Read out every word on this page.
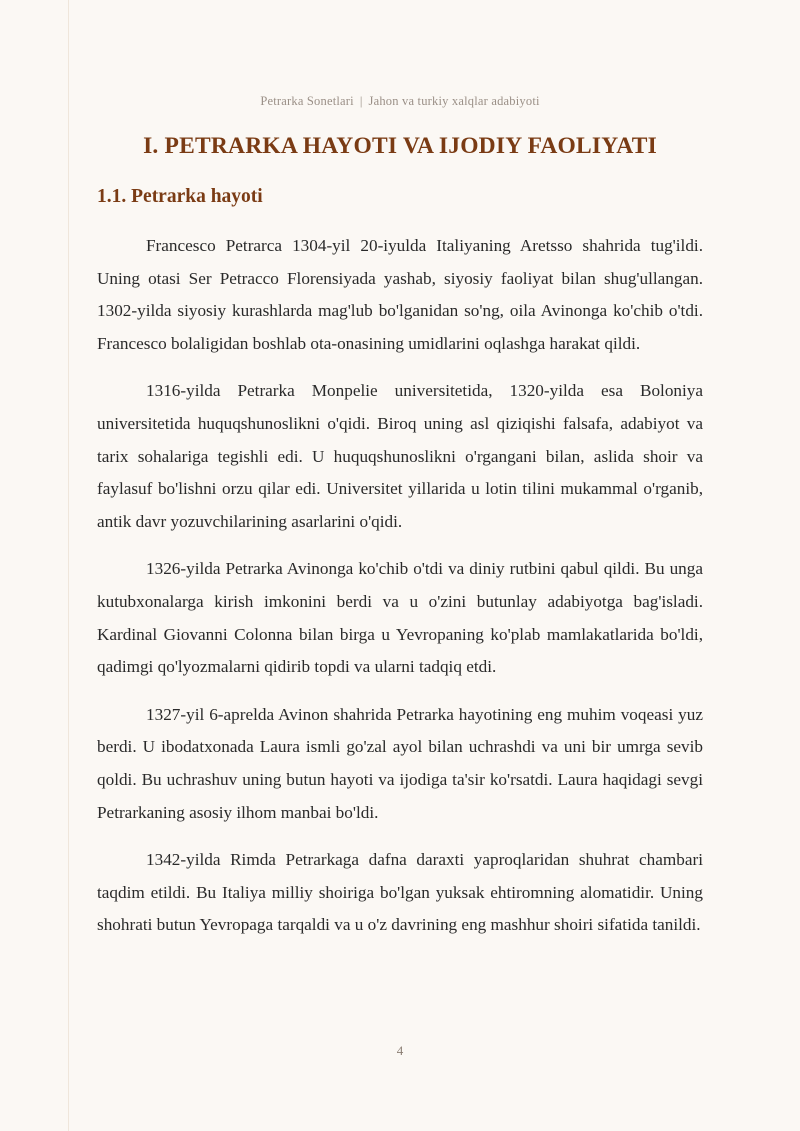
Petrarka Sonetlari | Jahon va turkiy xalqlar adabiyoti
I. PETRARKA HAYOTI VA IJODIY FAOLIYATI
1.1. Petrarka hayoti

Francesco Petrarca 1304-yil 20-iyulda Italiyaning Aretsso shahrida tug'ildi. Uning otasi Ser Petracco Florensiyada yashab, siyosiy faoliyat bilan shug'ullangan. 1302-yilda siyosiy kurashlarda mag'lub bo'lganidan so'ng, oila Avinonga ko'chib o'tdi. Francesco bolaligidan boshlab ota-onasining umidlarini oqlashga harakat qildi.

1316-yilda Petrarka Monpelie universitetida, 1320-yilda esa Boloniya universitetida huquqshunoslikni o'qidi. Biroq uning asl qiziqishi falsafa, adabiyot va tarix sohalariga tegishli edi. U huquqshunoslikni o'rgangani bilan, aslida shoir va faylasuf bo'lishni orzu qilar edi. Universitet yillarida u lotin tilini mukammal o'rganib, antik davr yozuvchilarining asarlarini o'qidi.

1326-yilda Petrarka Avinonga ko'chib o'tdi va diniy rutbini qabul qildi. Bu unga kutubxonalarga kirish imkonini berdi va u o'zini butunlay adabiyotga bag'isladi. Kardinal Giovanni Colonna bilan birga u Yevropaning ko'plab mamlakatlarida bo'ldi, qadimgi qo'lyozmalarni qidirib topdi va ularni tadqiq etdi.

1327-yil 6-aprelda Avinon shahrida Petrarka hayotining eng muhim voqeasi yuz berdi. U ibodatxonada Laura ismli go'zal ayol bilan uchrashdi va uni bir umrga sevib qoldi. Bu uchrashuv uning butun hayoti va ijodiga ta'sir ko'rsatdi. Laura haqidagi sevgi Petrarkaning asosiy ilhom manbai bo'ldi.

1342-yilda Rimda Petrarkaga dafna daraxti yaproqlaridan shuhrat chambari taqdim etildi. Bu Italiya milliy shoiriga bo'lgan yuksak ehtiromning alomatidir. Uning shohrati butun Yevropaga tarqaldi va u o'z davrining eng mashhur shoiri sifatida tanildi.

4
